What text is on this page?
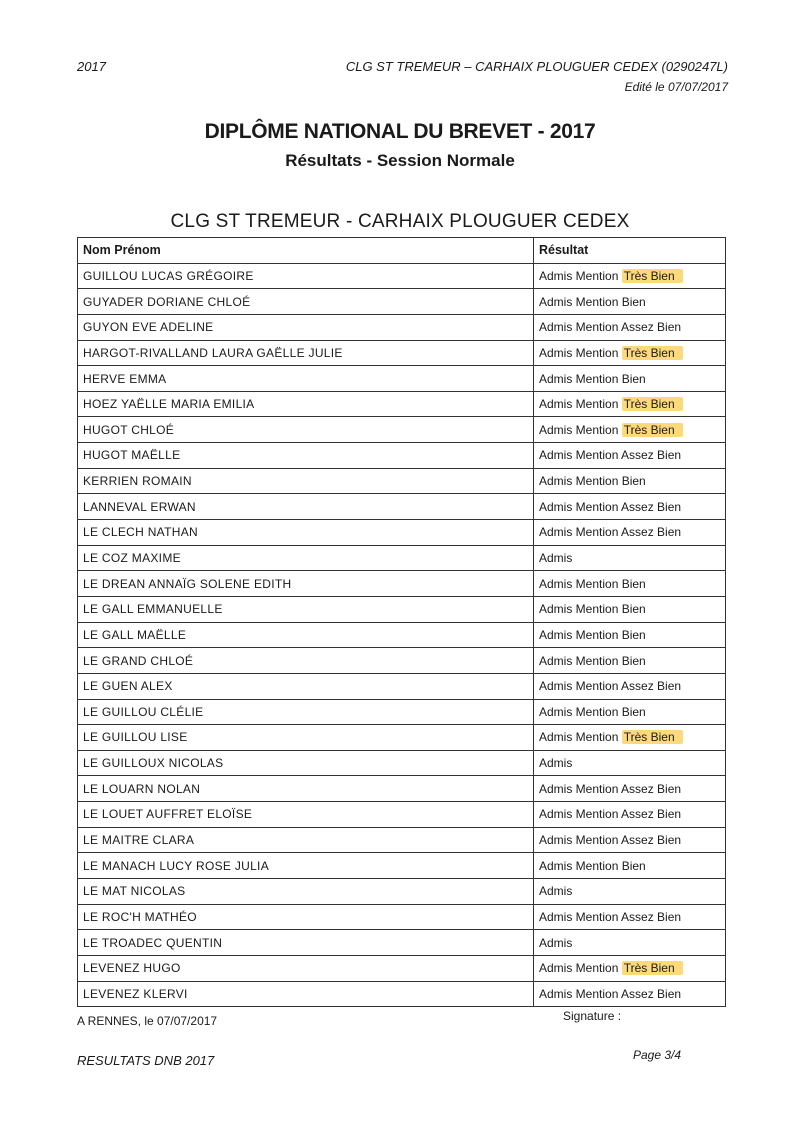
2017	CLG ST TREMEUR – CARHAIX PLOUGUER CEDEX (0290247L)
Edité le 07/07/2017
DIPLÔME NATIONAL DU BREVET - 2017
Résultats - Session Normale
CLG ST TREMEUR - CARHAIX PLOUGUER CEDEX
Nom Prénom	Résultat
GUILLOU LUCAS GRÉGOIRE	Admis Mention Très Bien
GUYADER DORIANE CHLOÉ	Admis Mention Bien
GUYON EVE ADELINE	Admis Mention Assez Bien
HARGOT-RIVALLAND LAURA GAËLLE JULIE	Admis Mention Très Bien
HERVE EMMA	Admis Mention Bien
HOEZ YAËLLE MARIA EMILIA	Admis Mention Très Bien
HUGOT CHLOÉ	Admis Mention Très Bien
HUGOT MAËLLE	Admis Mention Assez Bien
KERRIEN ROMAIN	Admis Mention Bien
LANNEVAL ERWAN	Admis Mention Assez Bien
LE CLECH NATHAN	Admis Mention Assez Bien
LE COZ MAXIME	Admis
LE DREAN ANNAÏG SOLENE EDITH	Admis Mention Bien
LE GALL EMMANUELLE	Admis Mention Bien
LE GALL MAËLLE	Admis Mention Bien
LE GRAND CHLOÉ	Admis Mention Bien
LE GUEN ALEX	Admis Mention Assez Bien
LE GUILLOU CLÉLIE	Admis Mention Bien
LE GUILLOU LISE	Admis Mention Très Bien
LE GUILLOUX NICOLAS	Admis
LE LOUARN NOLAN	Admis Mention Assez Bien
LE LOUET AUFFRET ELOÏSE	Admis Mention Assez Bien
LE MAITRE CLARA	Admis Mention Assez Bien
LE MANACH LUCY ROSE JULIA	Admis Mention Bien
LE MAT NICOLAS	Admis
LE ROC'H MATHÉO	Admis Mention Assez Bien
LE TROADEC QUENTIN	Admis
LEVENEZ HUGO	Admis Mention Très Bien
LEVENEZ KLERVI	Admis Mention Assez Bien
A RENNES, le 07/07/2017	Signature :
RESULTATS DNB 2017	Page 3/4
